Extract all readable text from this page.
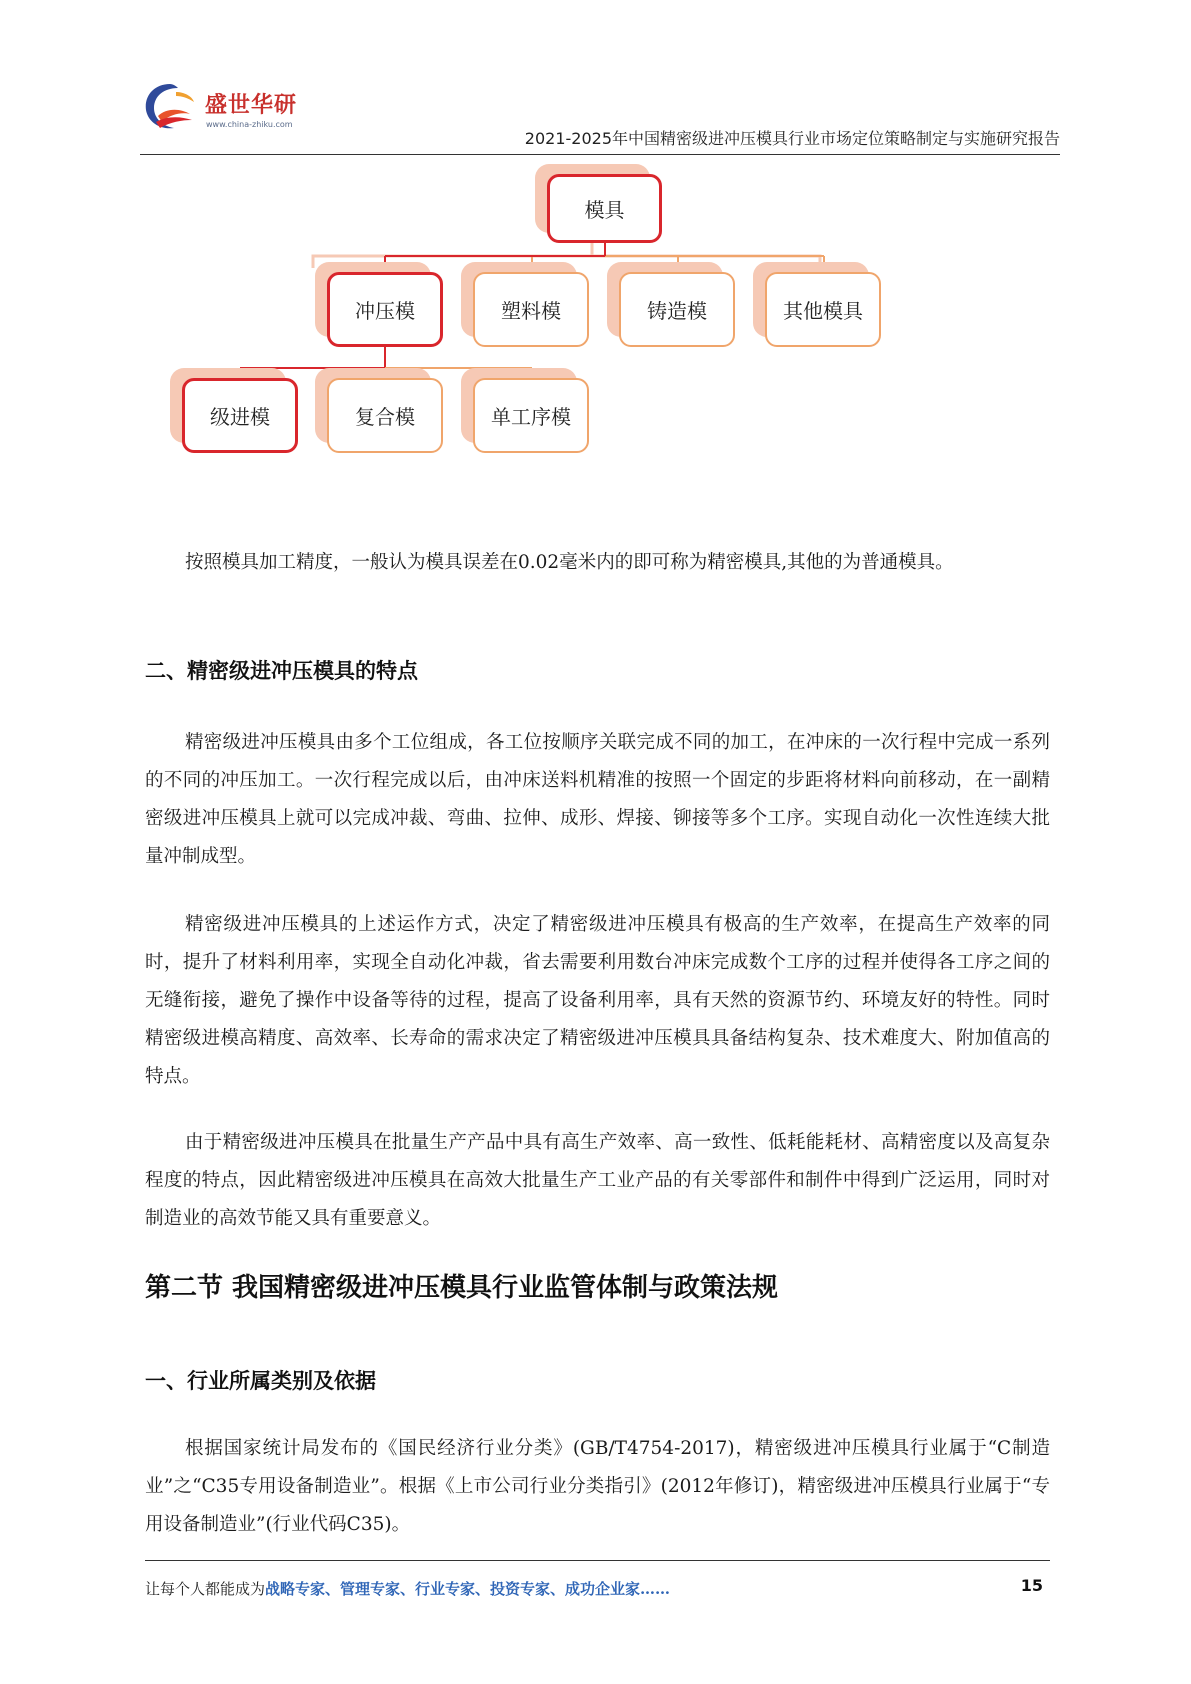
盛世华研
www.china-zhiku.com
2021-2025年中国精密级进冲压模具行业市场定位策略制定与实施研究报告
模具
冲压模	塑料模	铸造模	其他模具
级进模	复合模	单工序模

按照模具加工精度，一般认为模具误差在0.02毫米内的即可称为精密模具,其他的为普通模具。

二、精密级进冲压模具的特点

精密级进冲压模具由多个工位组成，各工位按顺序关联完成不同的加工，在冲床的一次行程中完成一系列的不同的冲压加工。一次行程完成以后，由冲床送料机精准的按照一个固定的步距将材料向前移动，在一副精密级进冲压模具上就可以完成冲裁、弯曲、拉伸、成形、焊接、铆接等多个工序。实现自动化一次性连续大批量冲制成型。

精密级进冲压模具的上述运作方式，决定了精密级进冲压模具有极高的生产效率，在提高生产效率的同时，提升了材料利用率，实现全自动化冲裁，省去需要利用数台冲床完成数个工序的过程并使得各工序之间的无缝衔接，避免了操作中设备等待的过程，提高了设备利用率，具有天然的资源节约、环境友好的特性。同时精密级进模高精度、高效率、长寿命的需求决定了精密级进冲压模具具备结构复杂、技术难度大、附加值高的特点。

由于精密级进冲压模具在批量生产产品中具有高生产效率、高一致性、低耗能耗材、高精密度以及高复杂程度的特点，因此精密级进冲压模具在高效大批量生产工业产品的有关零部件和制件中得到广泛运用，同时对制造业的高效节能又具有重要意义。

第二节 我国精密级进冲压模具行业监管体制与政策法规
一、行业所属类别及依据

根据国家统计局发布的《国民经济行业分类》(GB/T4754-2017)，精密级进冲压模具行业属于“C制造业”之“C35专用设备制造业”。根据《上市公司行业分类指引》(2012年修订)，精密级进冲压模具行业属于“专用设备制造业”(行业代码C35)。

让每个人都能成为战略专家、管理专家、行业专家、投资专家、成功企业家……	15
